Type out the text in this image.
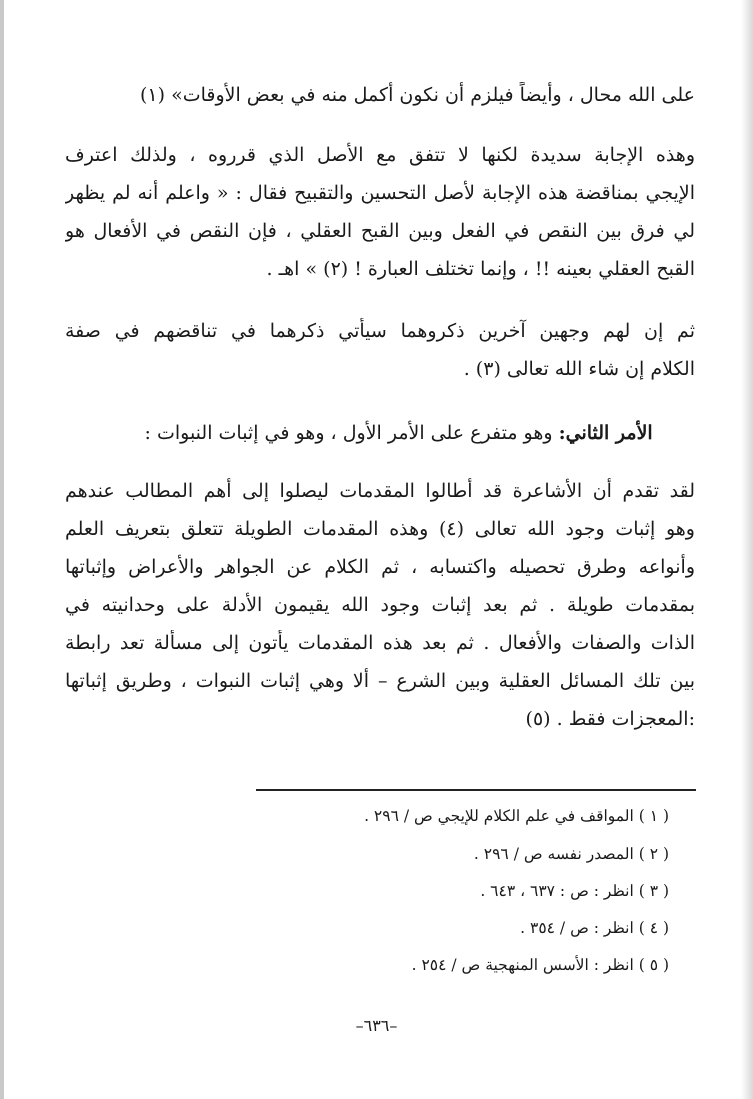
على الله محال ، وأيضاً فيلزم أن نكون أكمل منه في بعض الأوقات» (١)
وهذه الإجابة سديدة لكنها لا تتفق مع الأصل الذي قرروه ، ولذلك اعترف
الإيجي بمناقضة هذه الإجابة لأصل التحسين والتقبيح فقال : « واعلم أنه لم يظهر
لي فرق بين النقص في الفعل وبين القبح العقلي ، فإن النقص في الأفعال هو
القبح العقلي بعينه !! ، وإنما تختلف العبارة ! (٢) » اهـ .
ثم إن لهم وجهين آخرين ذكروهما سيأتي ذكرهما في تناقضهم في صفة
الكلام إن شاء الله تعالى (٣) .
الأمر الثاني: وهو متفرع على الأمر الأول ، وهو في إثبات النبوات :
لقد تقدم أن الأشاعرة قد أطالوا المقدمات ليصلوا إلى أهم المطالب عندهم
وهو إثبات وجود الله تعالى (٤) وهذه المقدمات الطويلة تتعلق بتعريف العلم
وأنواعه وطرق تحصيله واكتسابه ، ثم الكلام عن الجواهر والأعراض وإثباتها
بمقدمات طويلة . ثم بعد إثبات وجود الله يقيمون الأدلة على وحدانيته في
الذات والصفات والأفعال . ثم بعد هذه المقدمات يأتون إلى مسألة تعد رابطة
بين تلك المسائل العقلية وبين الشرع – ألا وهي إثبات النبوات ، وطريق إثباتها
:المعجزات فقط . (٥)
( ١ ) المواقف في علم الكلام للإيجي ص / ٢٩٦ .
( ٢ ) المصدر نفسه ص / ٢٩٦ .
( ٣ ) انظر : ص : ٦٣٧ ، ٦٤٣ .
( ٤ ) انظر : ص / ٣٥٤ .
( ٥ ) انظر : الأسس المنهجية ص / ٢٥٤ .
–٦٣٦–
